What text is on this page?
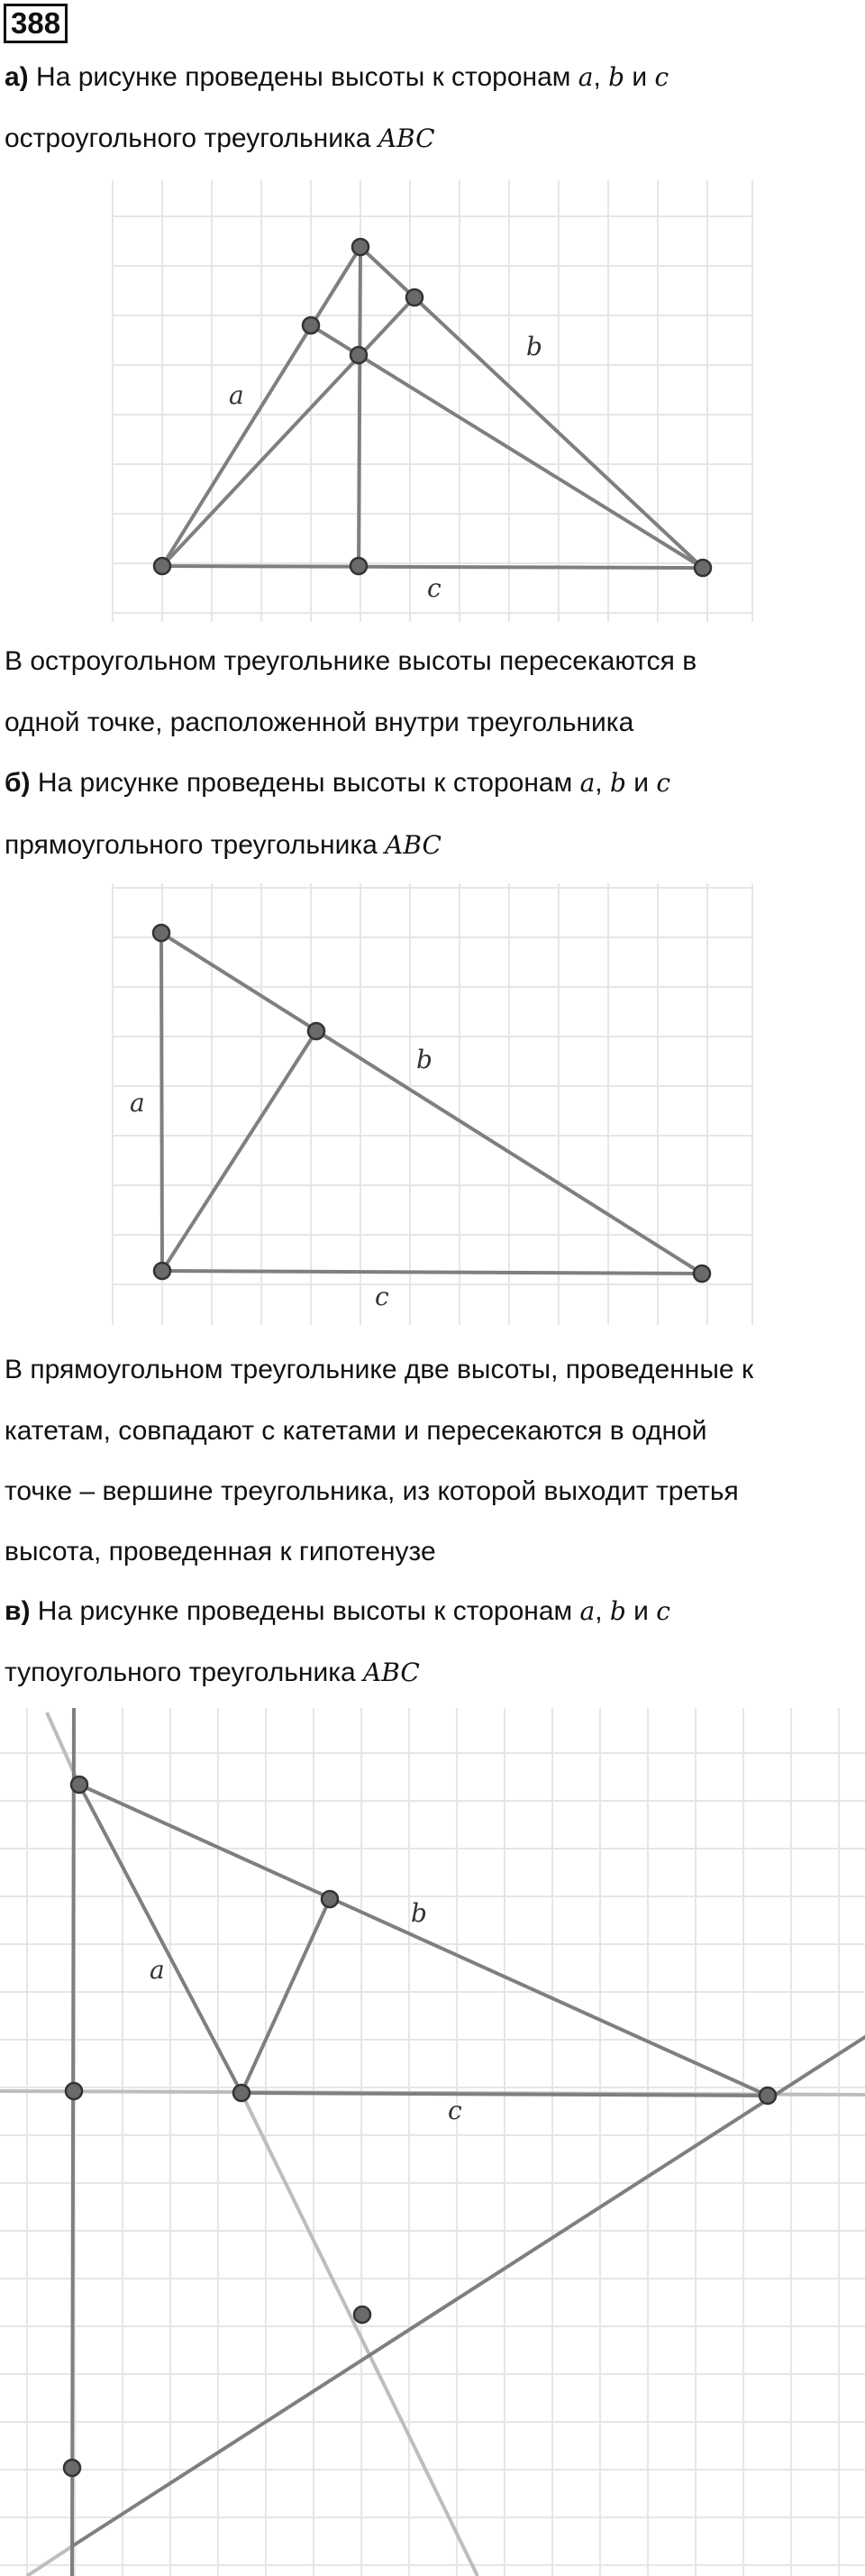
388
а) На рисунке проведены высоты к сторонам a, b и c
остроугольного треугольника ABC
a
b
c
В остроугольном треугольнике высоты пересекаются в
одной точке, расположенной внутри треугольника
б) На рисунке проведены высоты к сторонам a, b и c
прямоугольного треугольника ABC
a
b
c
В прямоугольном треугольнике две высоты, проведенные к
катетам, совпадают с катетами и пересекаются в одной
точке – вершине треугольника, из которой выходит третья
высота, проведенная к гипотенузе
в) На рисунке проведены высоты к сторонам a, b и c
тупоугольного треугольника ABC
a
b
c
